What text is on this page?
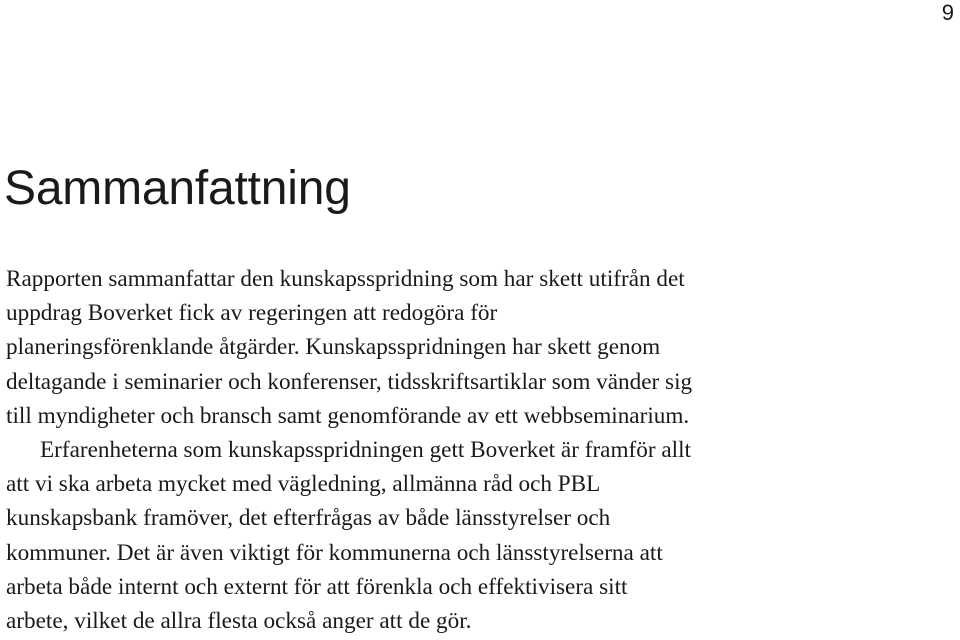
9
Sammanfattning
Rapporten sammanfattar den kunskapsspridning som har skett utifrån det
uppdrag Boverket fick av regeringen att redogöra för
planeringsförenklande åtgärder. Kunskapsspridningen har skett genom
deltagande i seminarier och konferenser, tidsskriftsartiklar som vänder sig
till myndigheter och bransch samt genomförande av ett webbseminarium.
Erfarenheterna som kunskapsspridningen gett Boverket är framför allt
att vi ska arbeta mycket med vägledning, allmänna råd och PBL
kunskapsbank framöver, det efterfrågas av både länsstyrelser och
kommuner. Det är även viktigt för kommunerna och länsstyrelserna att
arbeta både internt och externt för att förenkla och effektivisera sitt
arbete, vilket de allra flesta också anger att de gör.
